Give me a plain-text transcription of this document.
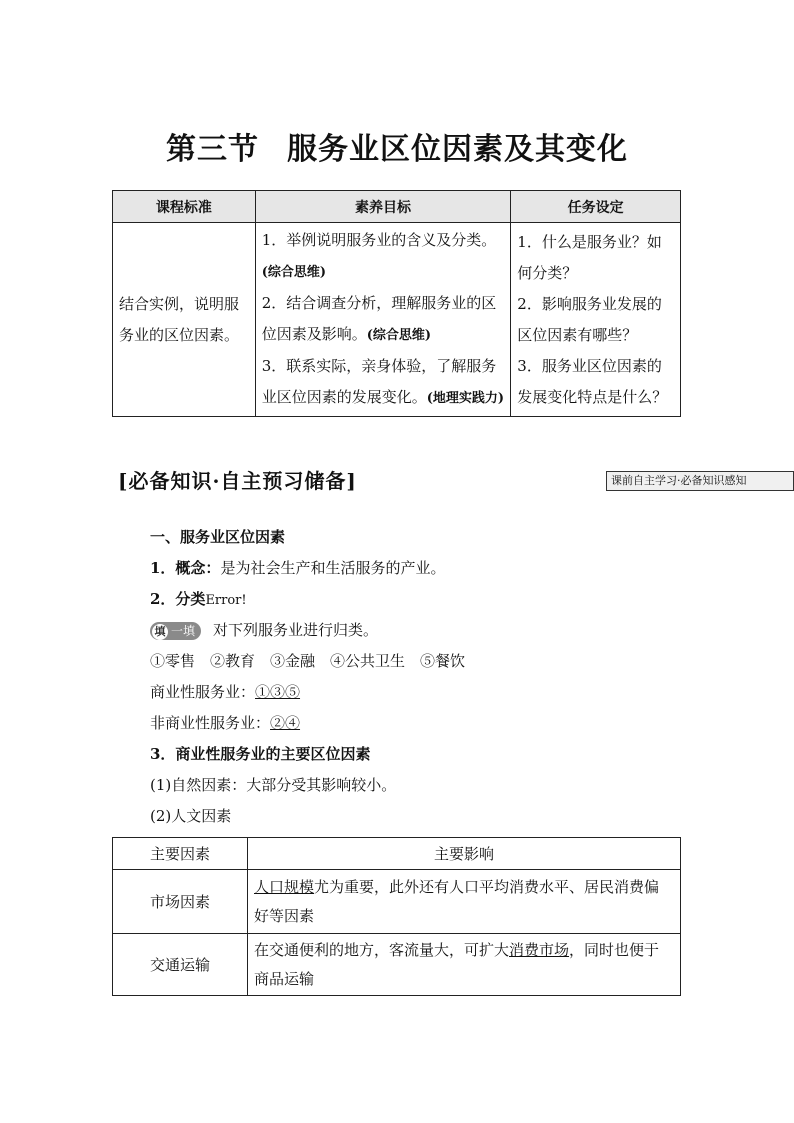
第三节 服务业区位因素及其变化
课程标准	素养目标	任务设定
结合实例，说明服务业的区位因素。	1．举例说明服务业的含义及分类。(综合思维)
2．结合调查分析，理解服务业的区位因素及影响。(综合思维)
3．联系实际，亲身体验，了解服务业区位因素的发展变化。(地理实践力)	1．什么是服务业？如何分类？
2．影响服务业发展的区位因素有哪些？
3．服务业区位因素的发展变化特点是什么？
[必备知识·自主预习储备]	课前自主学习·必备知识感知
一、服务业区位因素
1．概念：是为社会生产和生活服务的产业。
2．分类Error!
填 一填 对下列服务业进行归类。
①零售　②教育　③金融　④公共卫生　⑤餐饮
商业性服务业：①③⑤
非商业性服务业：②④
3．商业性服务业的主要区位因素
(1)自然因素：大部分受其影响较小。
(2)人文因素
主要因素	主要影响
市场因素	人口规模尤为重要，此外还有人口平均消费水平、居民消费偏好等因素
交通运输	在交通便利的地方，客流量大，可扩大消费市场，同时也便于商品运输
